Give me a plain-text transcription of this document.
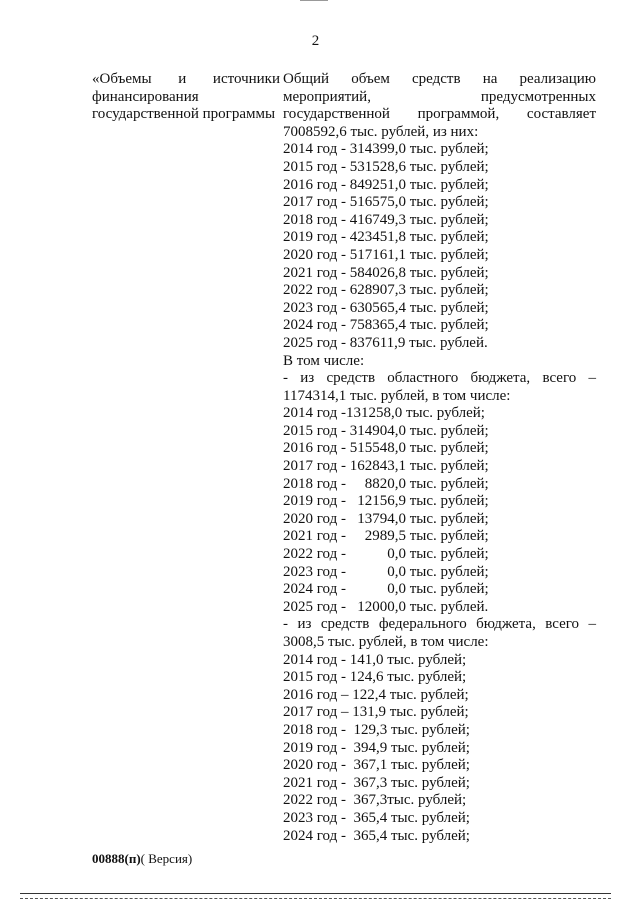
2
«Объемы и источники финансирования государственной программы
Общий объем средств на реализацию мероприятий, предусмотренных государственной программой, составляет 7008592,6 тыс. рублей, из них:
2014 год - 314399,0 тыс. рублей;
2015 год - 531528,6 тыс. рублей;
2016 год - 849251,0 тыс. рублей;
2017 год - 516575,0 тыс. рублей;
2018 год - 416749,3 тыс. рублей;
2019 год - 423451,8 тыс. рублей;
2020 год - 517161,1 тыс. рублей;
2021 год - 584026,8 тыс. рублей;
2022 год - 628907,3 тыс. рублей;
2023 год - 630565,4 тыс. рублей;
2024 год - 758365,4 тыс. рублей;
2025 год - 837611,9 тыс. рублей.
В том числе:
- из средств областного бюджета, всего – 1174314,1 тыс. рублей, в том числе:
2014 год -131258,0 тыс. рублей;
2015 год - 314904,0 тыс. рублей;
2016 год - 515548,0 тыс. рублей;
2017 год - 162843,1 тыс. рублей;
2018 год -     8820,0 тыс. рублей;
2019 год -   12156,9 тыс. рублей;
2020 год -   13794,0 тыс. рублей;
2021 год -     2989,5 тыс. рублей;
2022 год -           0,0 тыс. рублей;
2023 год -           0,0 тыс. рублей;
2024 год -           0,0 тыс. рублей;
2025 год -   12000,0 тыс. рублей.
- из средств федерального бюджета, всего – 3008,5 тыс. рублей, в том числе:
2014 год - 141,0 тыс. рублей;
2015 год - 124,6 тыс. рублей;
2016 год – 122,4 тыс. рублей;
2017 год – 131,9 тыс. рублей;
2018 год -  129,3 тыс. рублей;
2019 год -  394,9 тыс. рублей;
2020 год -  367,1 тыс. рублей;
2021 год -  367,3 тыс. рублей;
2022 год -  367,3тыс. рублей;
2023 год -  365,4 тыс. рублей;
2024 год -  365,4 тыс. рублей;
00888(п)( Версия)
